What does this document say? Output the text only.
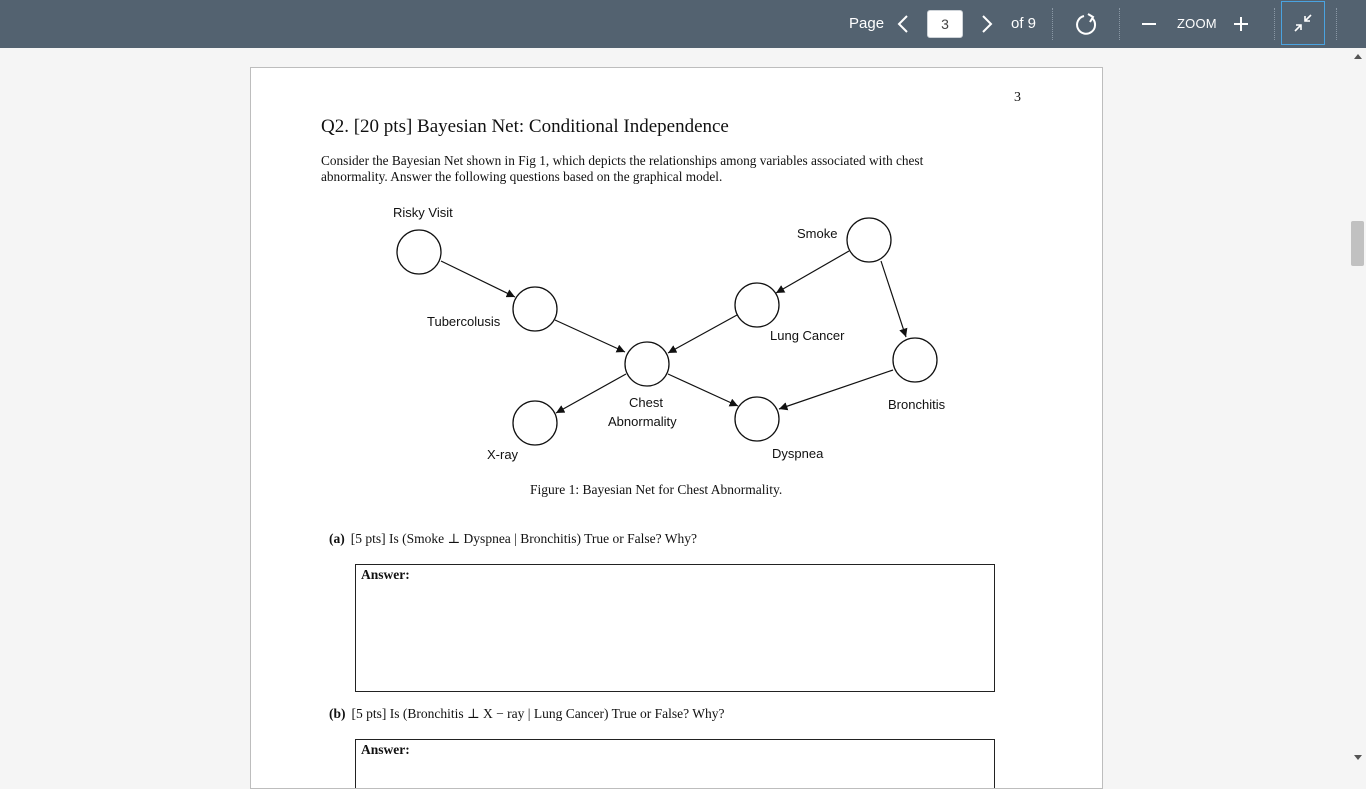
Page
3	of 9	ZOOM
3
Q2. [20 pts] Bayesian Net: Conditional Independence
Consider the Bayesian Net shown in Fig 1, which depicts the relationships among variables associated with chest
abnormality. Answer the following questions based on the graphical model.
Risky Visit
Tubercolusis
Smoke
Lung Cancer
Chest
Abnormality
Bronchitis
X-ray	Dyspnea
Figure 1: Bayesian Net for Chest Abnormality.
(a) [5 pts] Is (Smoke ⊥ Dyspnea | Bronchitis) True or False? Why?
Answer:
(b) [5 pts] Is (Bronchitis ⊥ X − ray | Lung Cancer) True or False? Why?
Answer:
